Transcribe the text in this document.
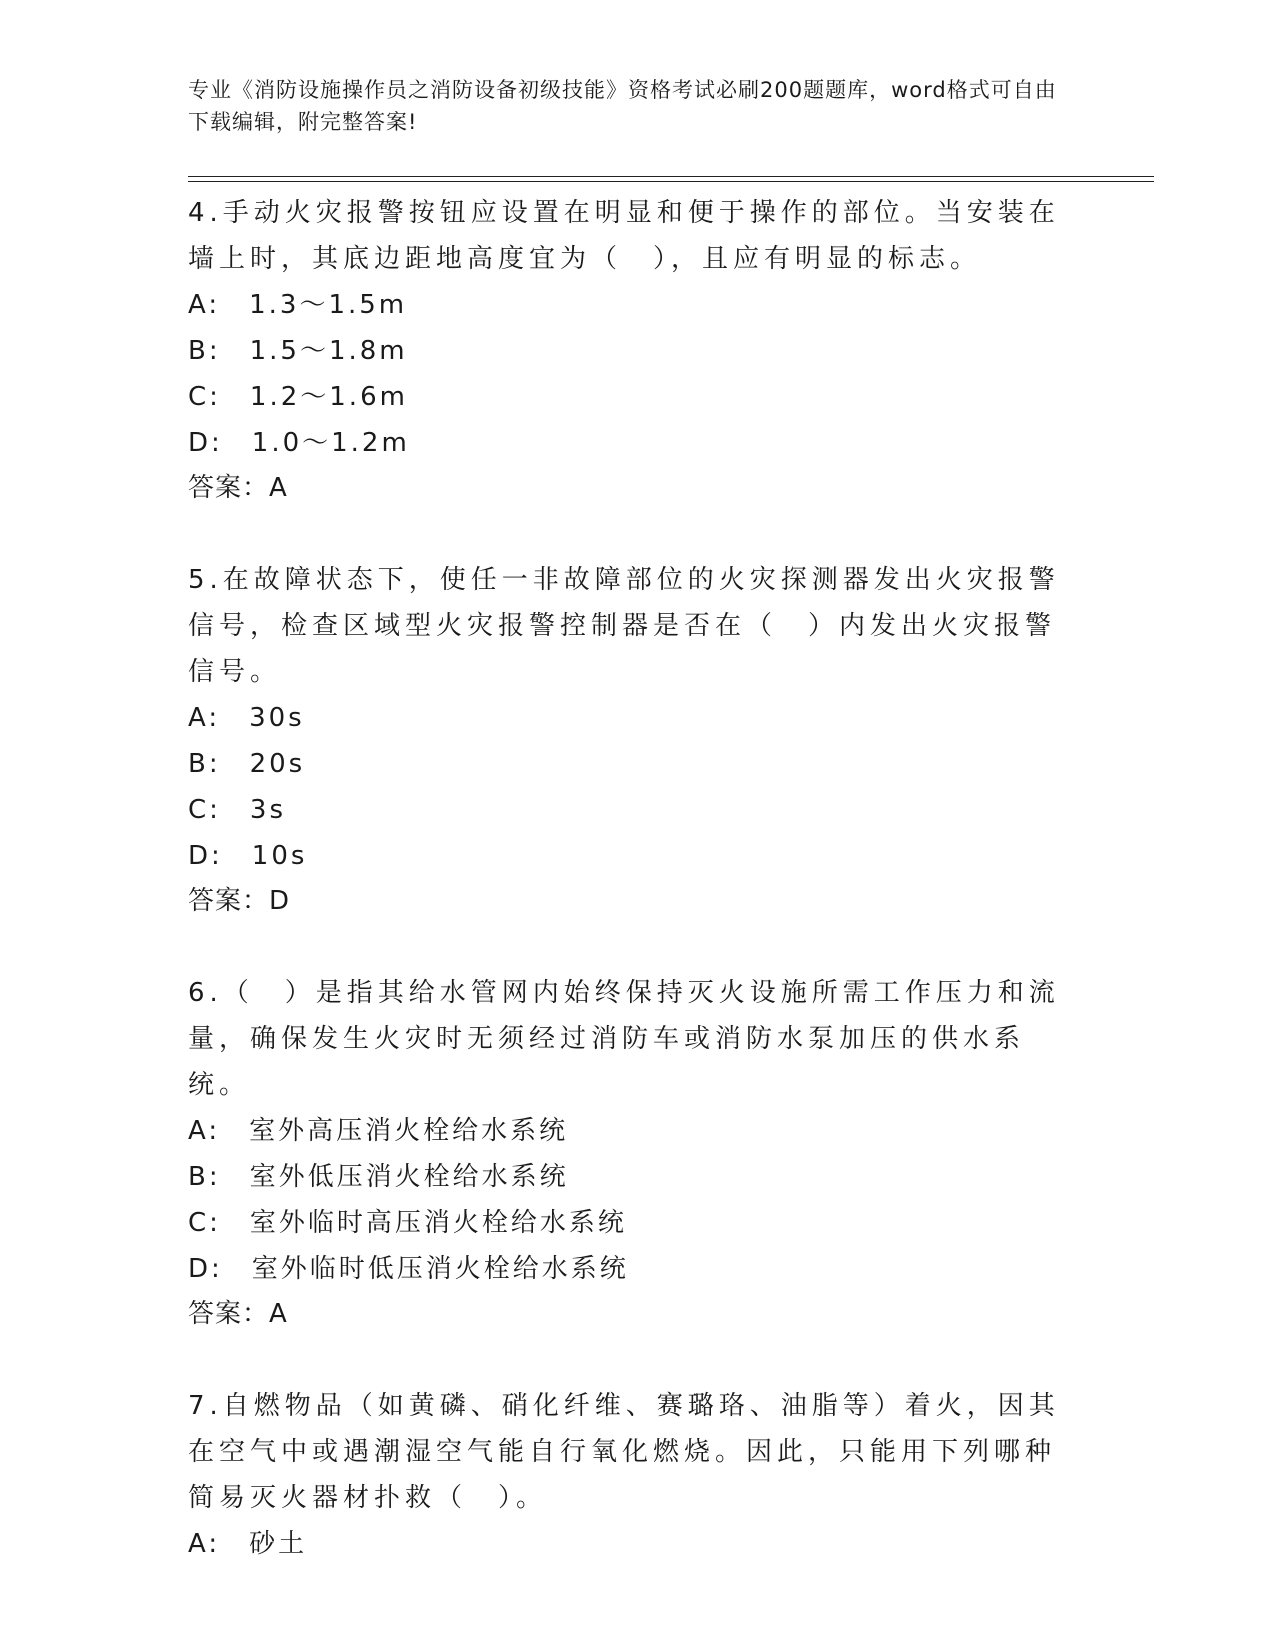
专业《消防设施操作员之消防设备初级技能》资格考试必刷200题题库，word格式可自由下载编辑，附完整答案!
4.手动火灾报警按钮应设置在明显和便于操作的部位。当安装在墙上时，其底边距地高度宜为（　），且应有明显的标志。
A:　1.3～1.5m
B:　1.5～1.8m
C:　1.2～1.6m
D:　1.0～1.2m
答案：A
5.在故障状态下，使任一非故障部位的火灾探测器发出火灾报警信号，检查区域型火灾报警控制器是否在（　）内发出火灾报警信号。
A:　30s
B:　20s
C:　3s
D:　10s
答案：D
6.（　）是指其给水管网内始终保持灭火设施所需工作压力和流量，确保发生火灾时无须经过消防车或消防水泵加压的供水系统。
A:　室外高压消火栓给水系统
B:　室外低压消火栓给水系统
C:　室外临时高压消火栓给水系统
D:　室外临时低压消火栓给水系统
答案：A
7.自燃物品（如黄磷、硝化纤维、赛璐珞、油脂等）着火，因其在空气中或遇潮湿空气能自行氧化燃烧。因此，只能用下列哪种简易灭火器材扑救（　）。
A:　砂土
